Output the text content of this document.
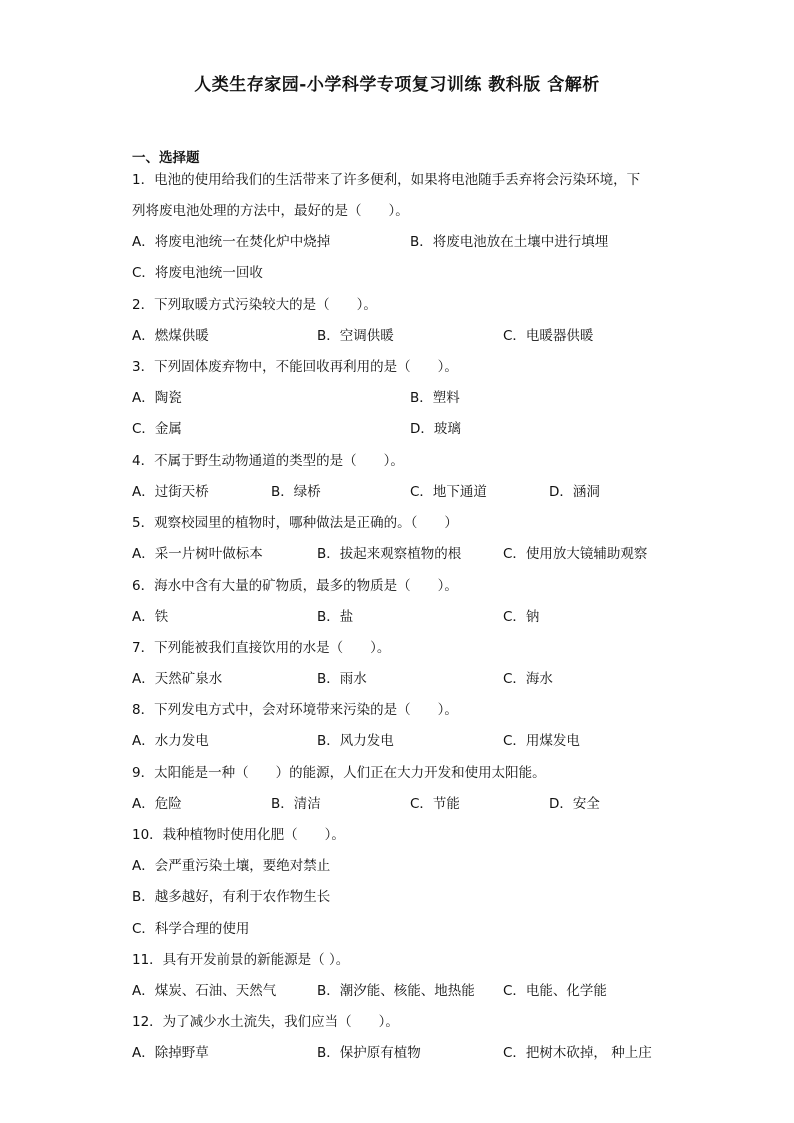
人类生存家园-小学科学专项复习训练 教科版 含解析
一、选择题
1．电池的使用给我们的生活带来了许多便利，如果将电池随手丢弃将会污染环境，下
列将废电池处理的方法中，最好的是（　　）。
A．将废电池统一在焚化炉中烧掉	B．将废电池放在土壤中进行填埋
C．将废电池统一回收
2．下列取暖方式污染较大的是（　　）。
A．燃煤供暖	B．空调供暖	C．电暖器供暖
3．下列固体废弃物中，不能回收再利用的是（　　）。
A．陶瓷	B．塑料
C．金属	D．玻璃
4．不属于野生动物通道的类型的是（　　）。
A．过街天桥	B．绿桥	C．地下通道	D．涵洞
5．观察校园里的植物时，哪种做法是正确的。（　　）
A．采一片树叶做标本	B．拔起来观察植物的根	C．使用放大镜辅助观察
6．海水中含有大量的矿物质，最多的物质是（　　）。
A．铁	B．盐	C．钠
7．下列能被我们直接饮用的水是（　　）。
A．天然矿泉水	B．雨水	C．海水
8．下列发电方式中，会对环境带来污染的是（　　）。
A．水力发电	B．风力发电	C．用煤发电
9．太阳能是一种（　　）的能源，人们正在大力开发和使用太阳能。
A．危险	B．清洁	C．节能	D．安全
10．栽种植物时使用化肥（　　）。
A．会严重污染土壤，要绝对禁止
B．越多越好，有利于农作物生长
C．科学合理的使用
11．具有开发前景的新能源是（ ）。
A．煤炭、石油、天然气	B．潮汐能、核能、地热能 C．电能、化学能
12．为了减少水土流失，我们应当（　　）。
A．除掉野草	B．保护原有植物	C．把树木砍掉， 种上庄
